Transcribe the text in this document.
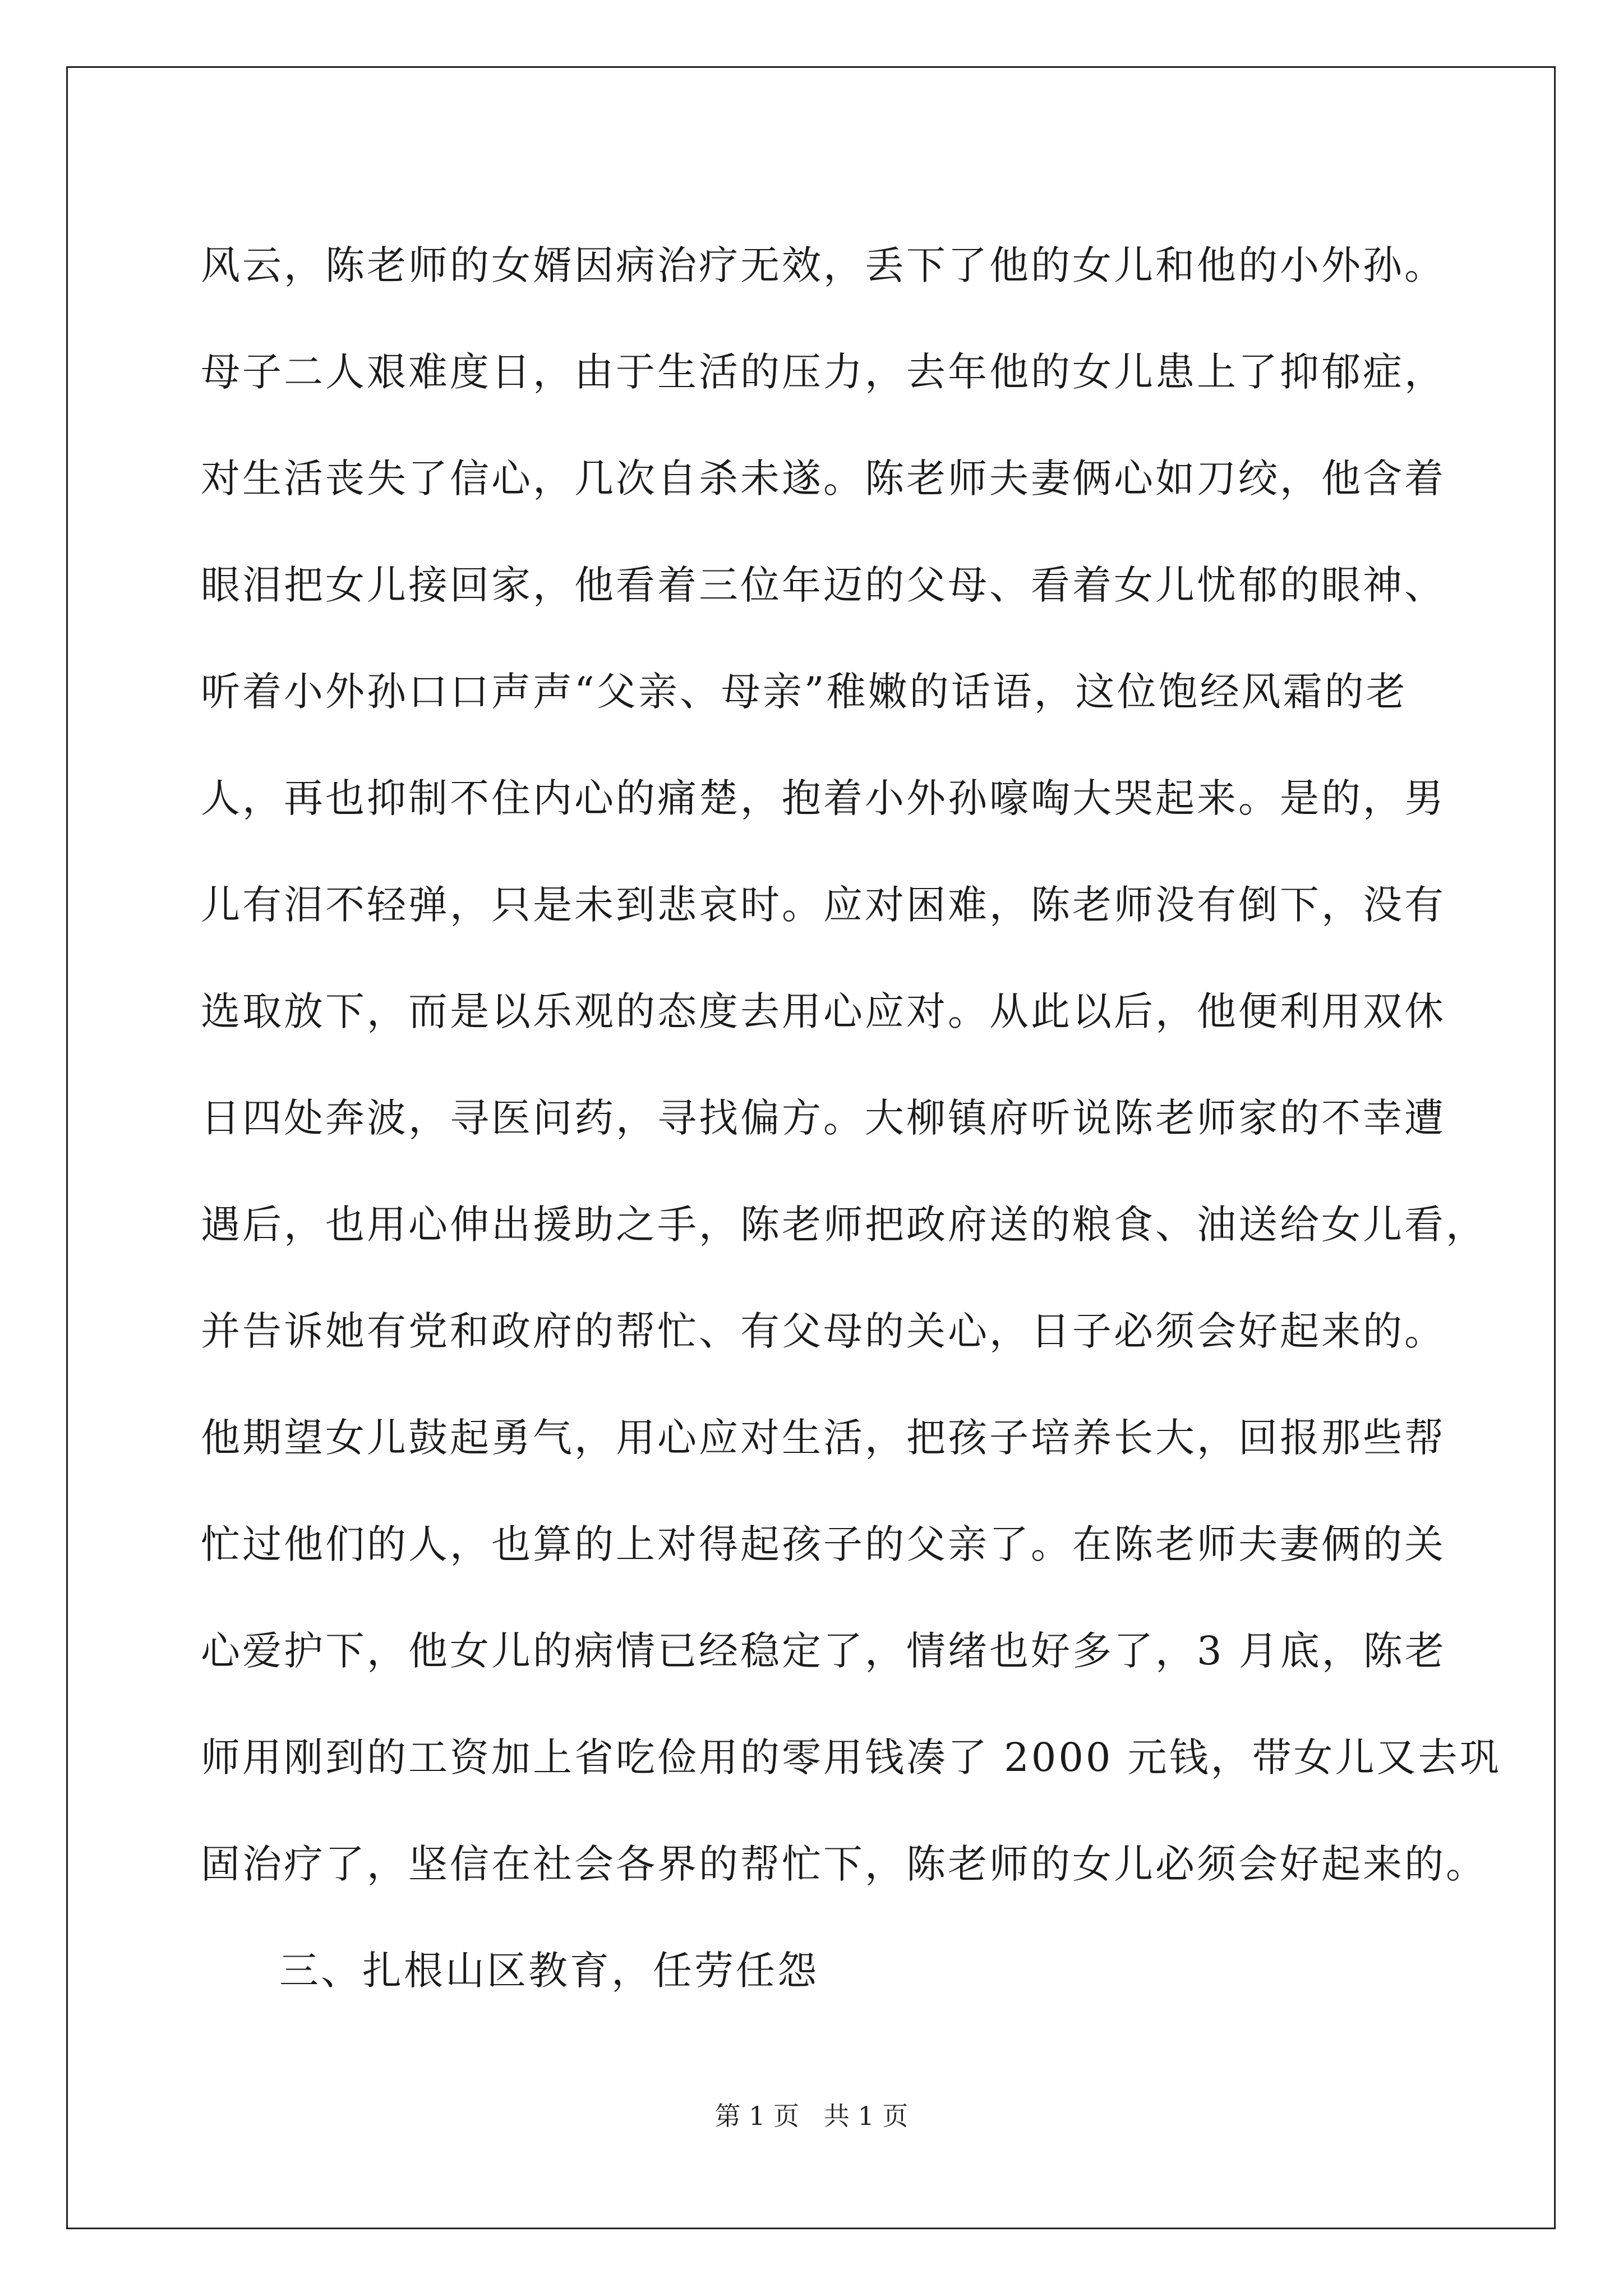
风云，陈老师的女婿因病治疗无效，丢下了他的女儿和他的小外孙。
母子二人艰难度日，由于生活的压力，去年他的女儿患上了抑郁症，
对生活丧失了信心，几次自杀未遂。陈老师夫妻俩心如刀绞，他含着
眼泪把女儿接回家，他看着三位年迈的父母、看着女儿忧郁的眼神、
听着小外孙口口声声“父亲、母亲”稚嫩的话语，这位饱经风霜的老
人，再也抑制不住内心的痛楚，抱着小外孙嚎啕大哭起来。是的，男
儿有泪不轻弹，只是未到悲哀时。应对困难，陈老师没有倒下，没有
选取放下，而是以乐观的态度去用心应对。从此以后，他便利用双休
日四处奔波，寻医问药，寻找偏方。大柳镇府听说陈老师家的不幸遭
遇后，也用心伸出援助之手，陈老师把政府送的粮食、油送给女儿看，
并告诉她有党和政府的帮忙、有父母的关心，日子必须会好起来的。
他期望女儿鼓起勇气，用心应对生活，把孩子培养长大，回报那些帮
忙过他们的人，也算的上对得起孩子的父亲了。在陈老师夫妻俩的关
心爱护下，他女儿的病情已经稳定了，情绪也好多了，3 月底，陈老
师用刚到的工资加上省吃俭用的零用钱凑了 2000 元钱，带女儿又去巩
固治疗了，坚信在社会各界的帮忙下，陈老师的女儿必须会好起来的。
三、扎根山区教育，任劳任怨
第 1 页   共 1 页
